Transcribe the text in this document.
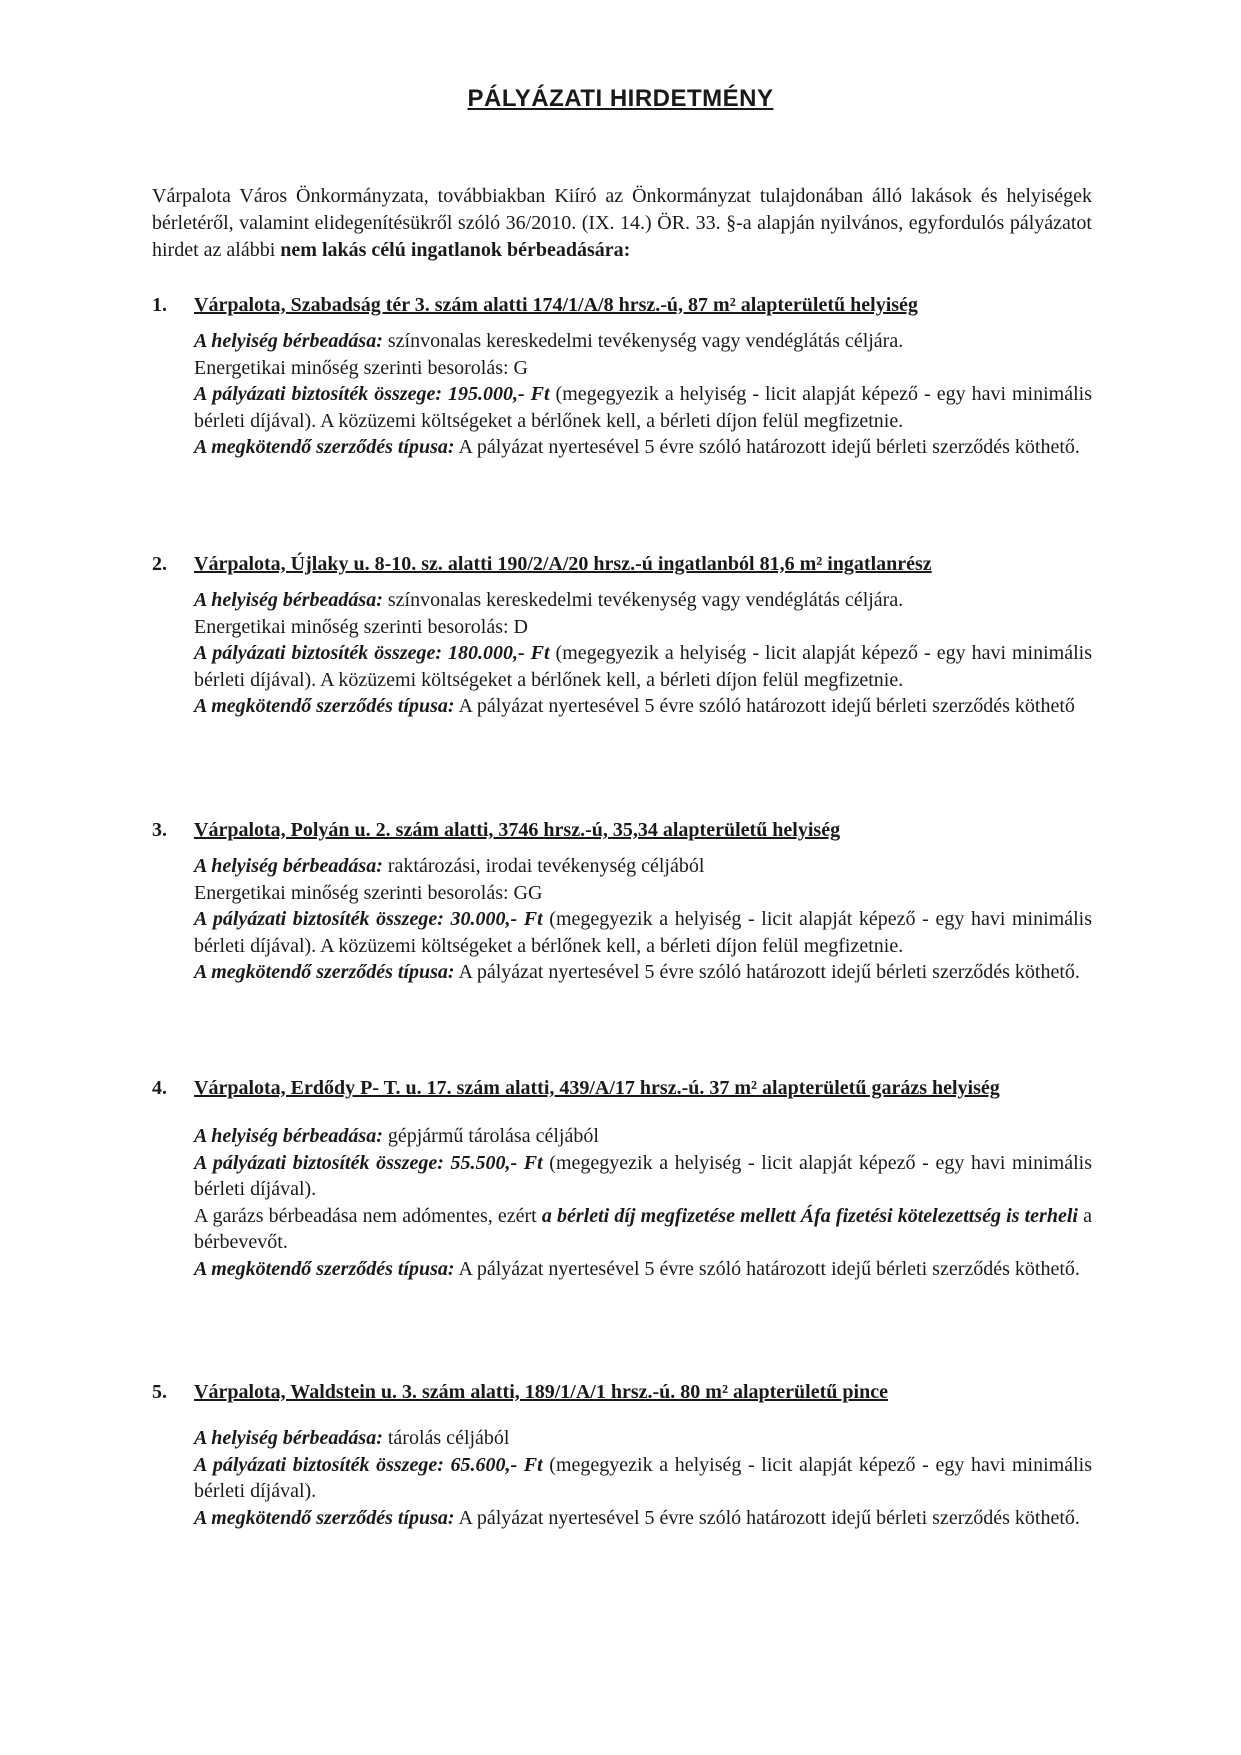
PÁLYÁZATI HIRDETMÉNY
Várpalota Város Önkormányzata, továbbiakban Kiíró az Önkormányzat tulajdonában álló lakások és helyiségek bérletéről, valamint elidegenítésükről szóló 36/2010. (IX. 14.) ÖR. 33. §-a alapján nyilvános, egyfordulós pályázatot hirdet az alábbi nem lakás célú ingatlanok bérbeadására:
1.	Várpalota, Szabadság tér 3. szám alatti 174/1/A/8 hrsz.-ú, 87 m² alapterületű helyiség

A helyiség bérbeadása: színvonalas kereskedelmi tevékenység vagy vendéglátás céljára.

Energetikai minőség szerinti besorolás: G

A pályázati biztosíték összege: 195.000,- Ft (megegyezik a helyiség - licit alapját képező - egy havi minimális bérleti díjával). A közüzemi költségeket a bérlőnek kell, a bérleti díjon felül megfizetnie.

A megkötendő szerződés típusa: A pályázat nyertesével 5 évre szóló határozott idejű bérleti szerződés köthető.

2.	Várpalota, Újlaky u. 8-10. sz. alatti 190/2/A/20 hrsz.-ú ingatlanból 81,6 m² ingatlanrész

A helyiség bérbeadása: színvonalas kereskedelmi tevékenység vagy vendéglátás céljára.

Energetikai minőség szerinti besorolás: D

A pályázati biztosíték összege: 180.000,- Ft (megegyezik a helyiség - licit alapját képező - egy havi minimális bérleti díjával). A közüzemi költségeket a bérlőnek kell, a bérleti díjon felül megfizetnie.

A megkötendő szerződés típusa: A pályázat nyertesével 5 évre szóló határozott idejű bérleti szerződés köthető

3.	Várpalota, Polyán u. 2. szám alatti, 3746 hrsz.-ú, 35,34 alapterületű helyiség

A helyiség bérbeadása: raktározási, irodai tevékenység céljából

Energetikai minőség szerinti besorolás: GG

A pályázati biztosíték összege: 30.000,- Ft (megegyezik a helyiség - licit alapját képező - egy havi minimális bérleti díjával). A közüzemi költségeket a bérlőnek kell, a bérleti díjon felül megfizetnie.

A megkötendő szerződés típusa: A pályázat nyertesével 5 évre szóló határozott idejű bérleti szerződés köthető.

4.	Várpalota, Erdődy P- T. u. 17. szám alatti, 439/A/17 hrsz.-ú. 37 m² alapterületű garázs helyiség

A helyiség bérbeadása: gépjármű tárolása céljából

A pályázati biztosíték összege: 55.500,- Ft (megegyezik a helyiség - licit alapját képező - egy havi minimális bérleti díjával).

A garázs bérbeadása nem adómentes, ezért a bérleti díj megfizetése mellett Áfa fizetési kötelezettség is terheli a bérbevevőt.

A megkötendő szerződés típusa: A pályázat nyertesével 5 évre szóló határozott idejű bérleti szerződés köthető.

5.	Várpalota, Waldstein u. 3. szám alatti, 189/1/A/1 hrsz.-ú. 80 m² alapterületű pince

A helyiség bérbeadása: tárolás céljából

A pályázati biztosíték összege: 65.600,- Ft (megegyezik a helyiség - licit alapját képező - egy havi minimális bérleti díjával).

A megkötendő szerződés típusa: A pályázat nyertesével 5 évre szóló határozott idejű bérleti szerződés köthető.
